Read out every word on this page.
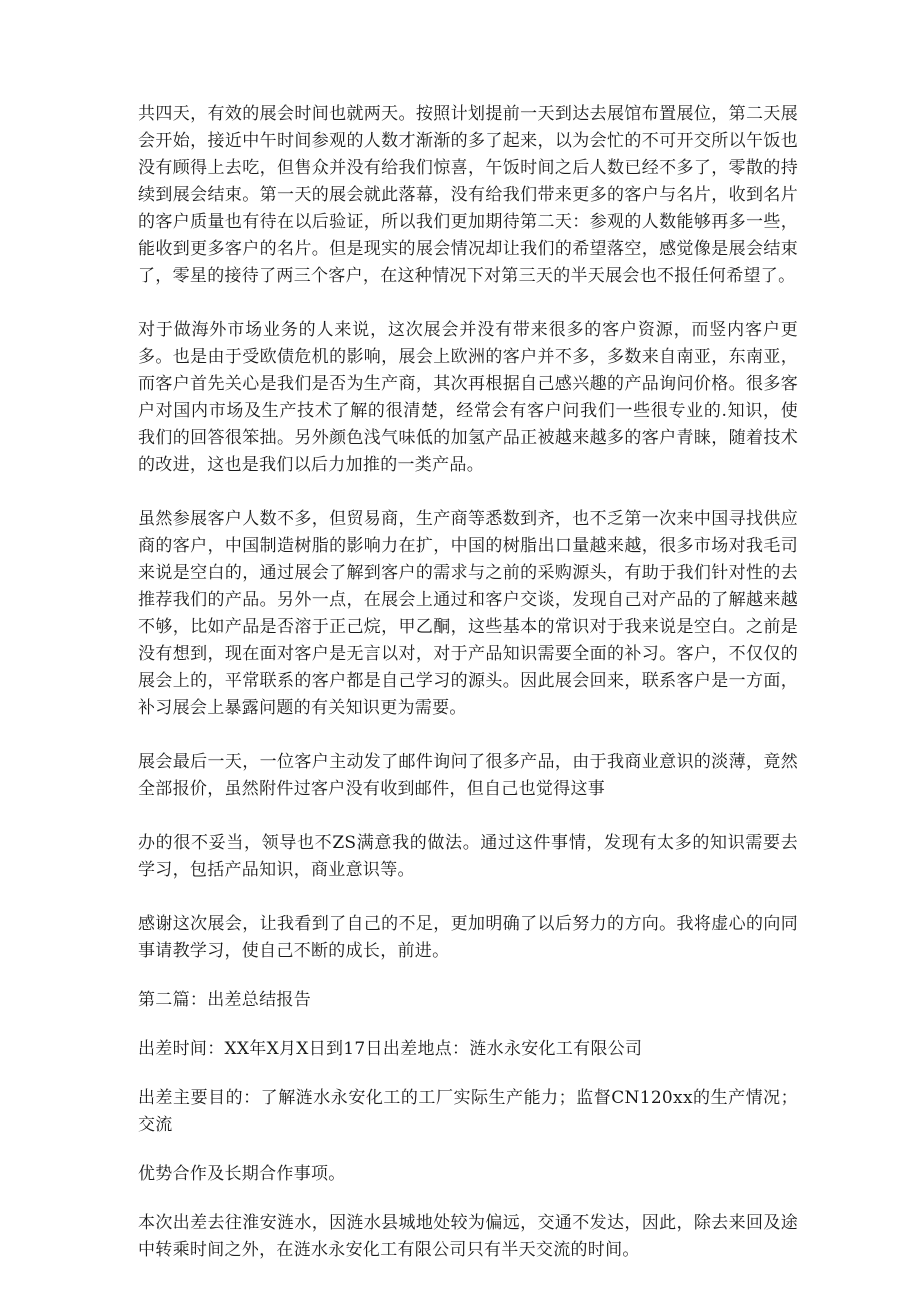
共四天，有效的展会时间也就两天。按照计划提前一天到达去展馆布置展位，第二天展会开始，接近中午时间参观的人数才渐渐的多了起来，以为会忙的不可开交所以午饭也没有顾得上去吃，但售众并没有给我们惊喜，午饭时间之后人数已经不多了，零散的持续到展会结束。第一天的展会就此落幕，没有给我们带来更多的客户与名片，收到名片的客户质量也有待在以后验证，所以我们更加期待第二天：参观的人数能够再多一些，能收到更多客户的名片。但是现实的展会情况却让我们的希望落空，感觉像是展会结束了，零星的接待了两三个客户，在这种情况下对第三天的半天展会也不报任何希望了。

对于做海外市场业务的人来说，这次展会并没有带来很多的客户资源，而竖内客户更多。也是由于受欧债危机的影响，展会上欧洲的客户并不多，多数来自南亚，东南亚，而客户首先关心是我们是否为生产商，其次再根据自己感兴趣的产品询问价格。很多客户对国内市场及生产技术了解的很清楚，经常会有客户问我们一些很专业的.知识，使我们的回答很笨拙。另外颜色浅气味低的加氢产品正被越来越多的客户青睐，随着技术的改进，这也是我们以后力加推的一类产品。

虽然参展客户人数不多，但贸易商，生产商等悉数到齐，也不乏第一次来中国寻找供应商的客户，中国制造树脂的影响力在扩，中国的树脂出口量越来越，很多市场对我毛司来说是空白的，通过展会了解到客户的需求与之前的采购源头，有助于我们针对性的去推荐我们的产品。另外一点，在展会上通过和客户交谈，发现自己对产品的了解越来越不够，比如产品是否溶于正己烷，甲乙酮，这些基本的常识对于我来说是空白。之前是没有想到，现在面对客户是无言以对，对于产品知识需要全面的补习。客户，不仅仅的展会上的，平常联系的客户都是自己学习的源头。因此展会回来，联系客户是一方面，补习展会上暴露问题的有关知识更为需要。

展会最后一天，一位客户主动发了邮件询问了很多产品，由于我商业意识的淡薄，竟然全部报价，虽然附件过客户没有收到邮件，但自己也觉得这事

办的很不妥当，领导也不ZS满意我的做法。通过这件事情，发现有太多的知识需要去学习，包括产品知识，商业意识等。

感谢这次展会，让我看到了自己的不足，更加明确了以后努力的方向。我将虚心的向同事请教学习，使自己不断的成长，前进。

第二篇：出差总结报告

出差时间：XX年X月X日到17日出差地点：涟水永安化工有限公司

出差主要目的：了解涟水永安化工的工厂实际生产能力；监督CN120xx的生产情况；交流

优势合作及长期合作事项。

本次出差去往淮安涟水，因涟水县城地处较为偏远，交通不发达，因此，除去来回及途中转乘时间之外，在涟水永安化工有限公司只有半天交流的时间。
